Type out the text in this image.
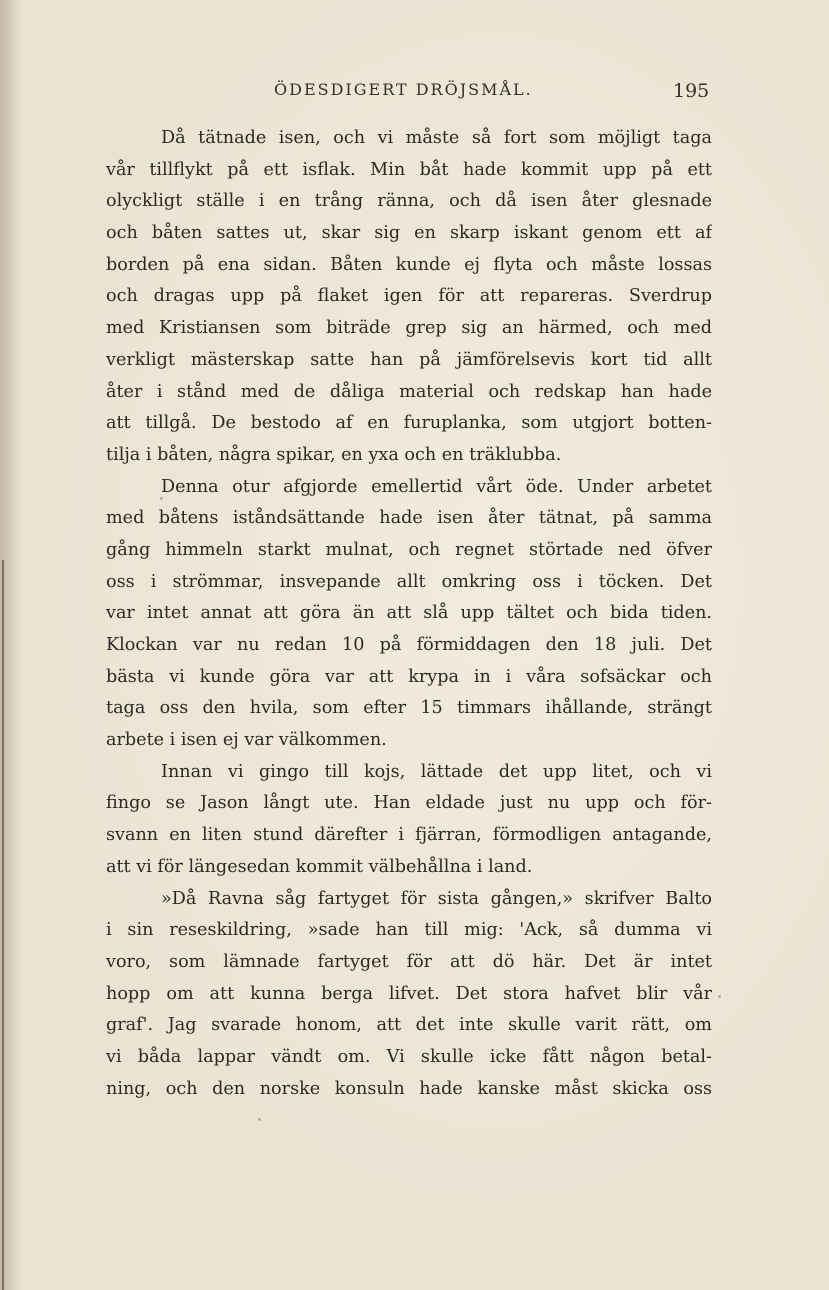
ÖDESDIGERT DRÖJSMÅL.	195
Då tätnade isen, och vi måste så fort som möjligt taga
vår tillflykt på ett isflak. Min båt hade kommit upp på ett
olyckligt ställe i en trång ränna, och då isen åter glesnade
och båten sattes ut, skar sig en skarp iskant genom ett af
borden på ena sidan. Båten kunde ej flyta och måste lossas
och dragas upp på flaket igen för att repareras. Sverdrup
med Kristiansen som biträde grep sig an härmed, och med
verkligt mästerskap satte han på jämförelsevis kort tid allt
åter i stånd med de dåliga material och redskap han hade
att tillgå. De bestodo af en furuplanka, som utgjort botten-
tilja i båten, några spikar, en yxa och en träklubba.
Denna otur afgjorde emellertid vårt öde. Under arbetet
med båtens iståndsättande hade isen åter tätnat, på samma
gång himmeln starkt mulnat, och regnet störtade ned öfver
oss i strömmar, insvepande allt omkring oss i töcken. Det
var intet annat att göra än att slå upp tältet och bida tiden.
Klockan var nu redan 10 på förmiddagen den 18 juli. Det
bästa vi kunde göra var att krypa in i våra sofsäckar och
taga oss den hvila, som efter 15 timmars ihållande, strängt
arbete i isen ej var välkommen.
Innan vi gingo till kojs, lättade det upp litet, och vi
fingo se Jason långt ute. Han eldade just nu upp och för-
svann en liten stund därefter i fjärran, förmodligen antagande,
att vi för längesedan kommit välbehållna i land.
»Då Ravna såg fartyget för sista gången,» skrifver Balto
i sin reseskildring, »sade han till mig: 'Ack, så dumma vi
voro, som lämnade fartyget för att dö här. Det är intet
hopp om att kunna berga lifvet. Det stora hafvet blir vår
graf'. Jag svarade honom, att det inte skulle varit rätt, om
vi båda lappar vändt om. Vi skulle icke fått någon betal-
ning, och den norske konsuln hade kanske måst skicka oss
